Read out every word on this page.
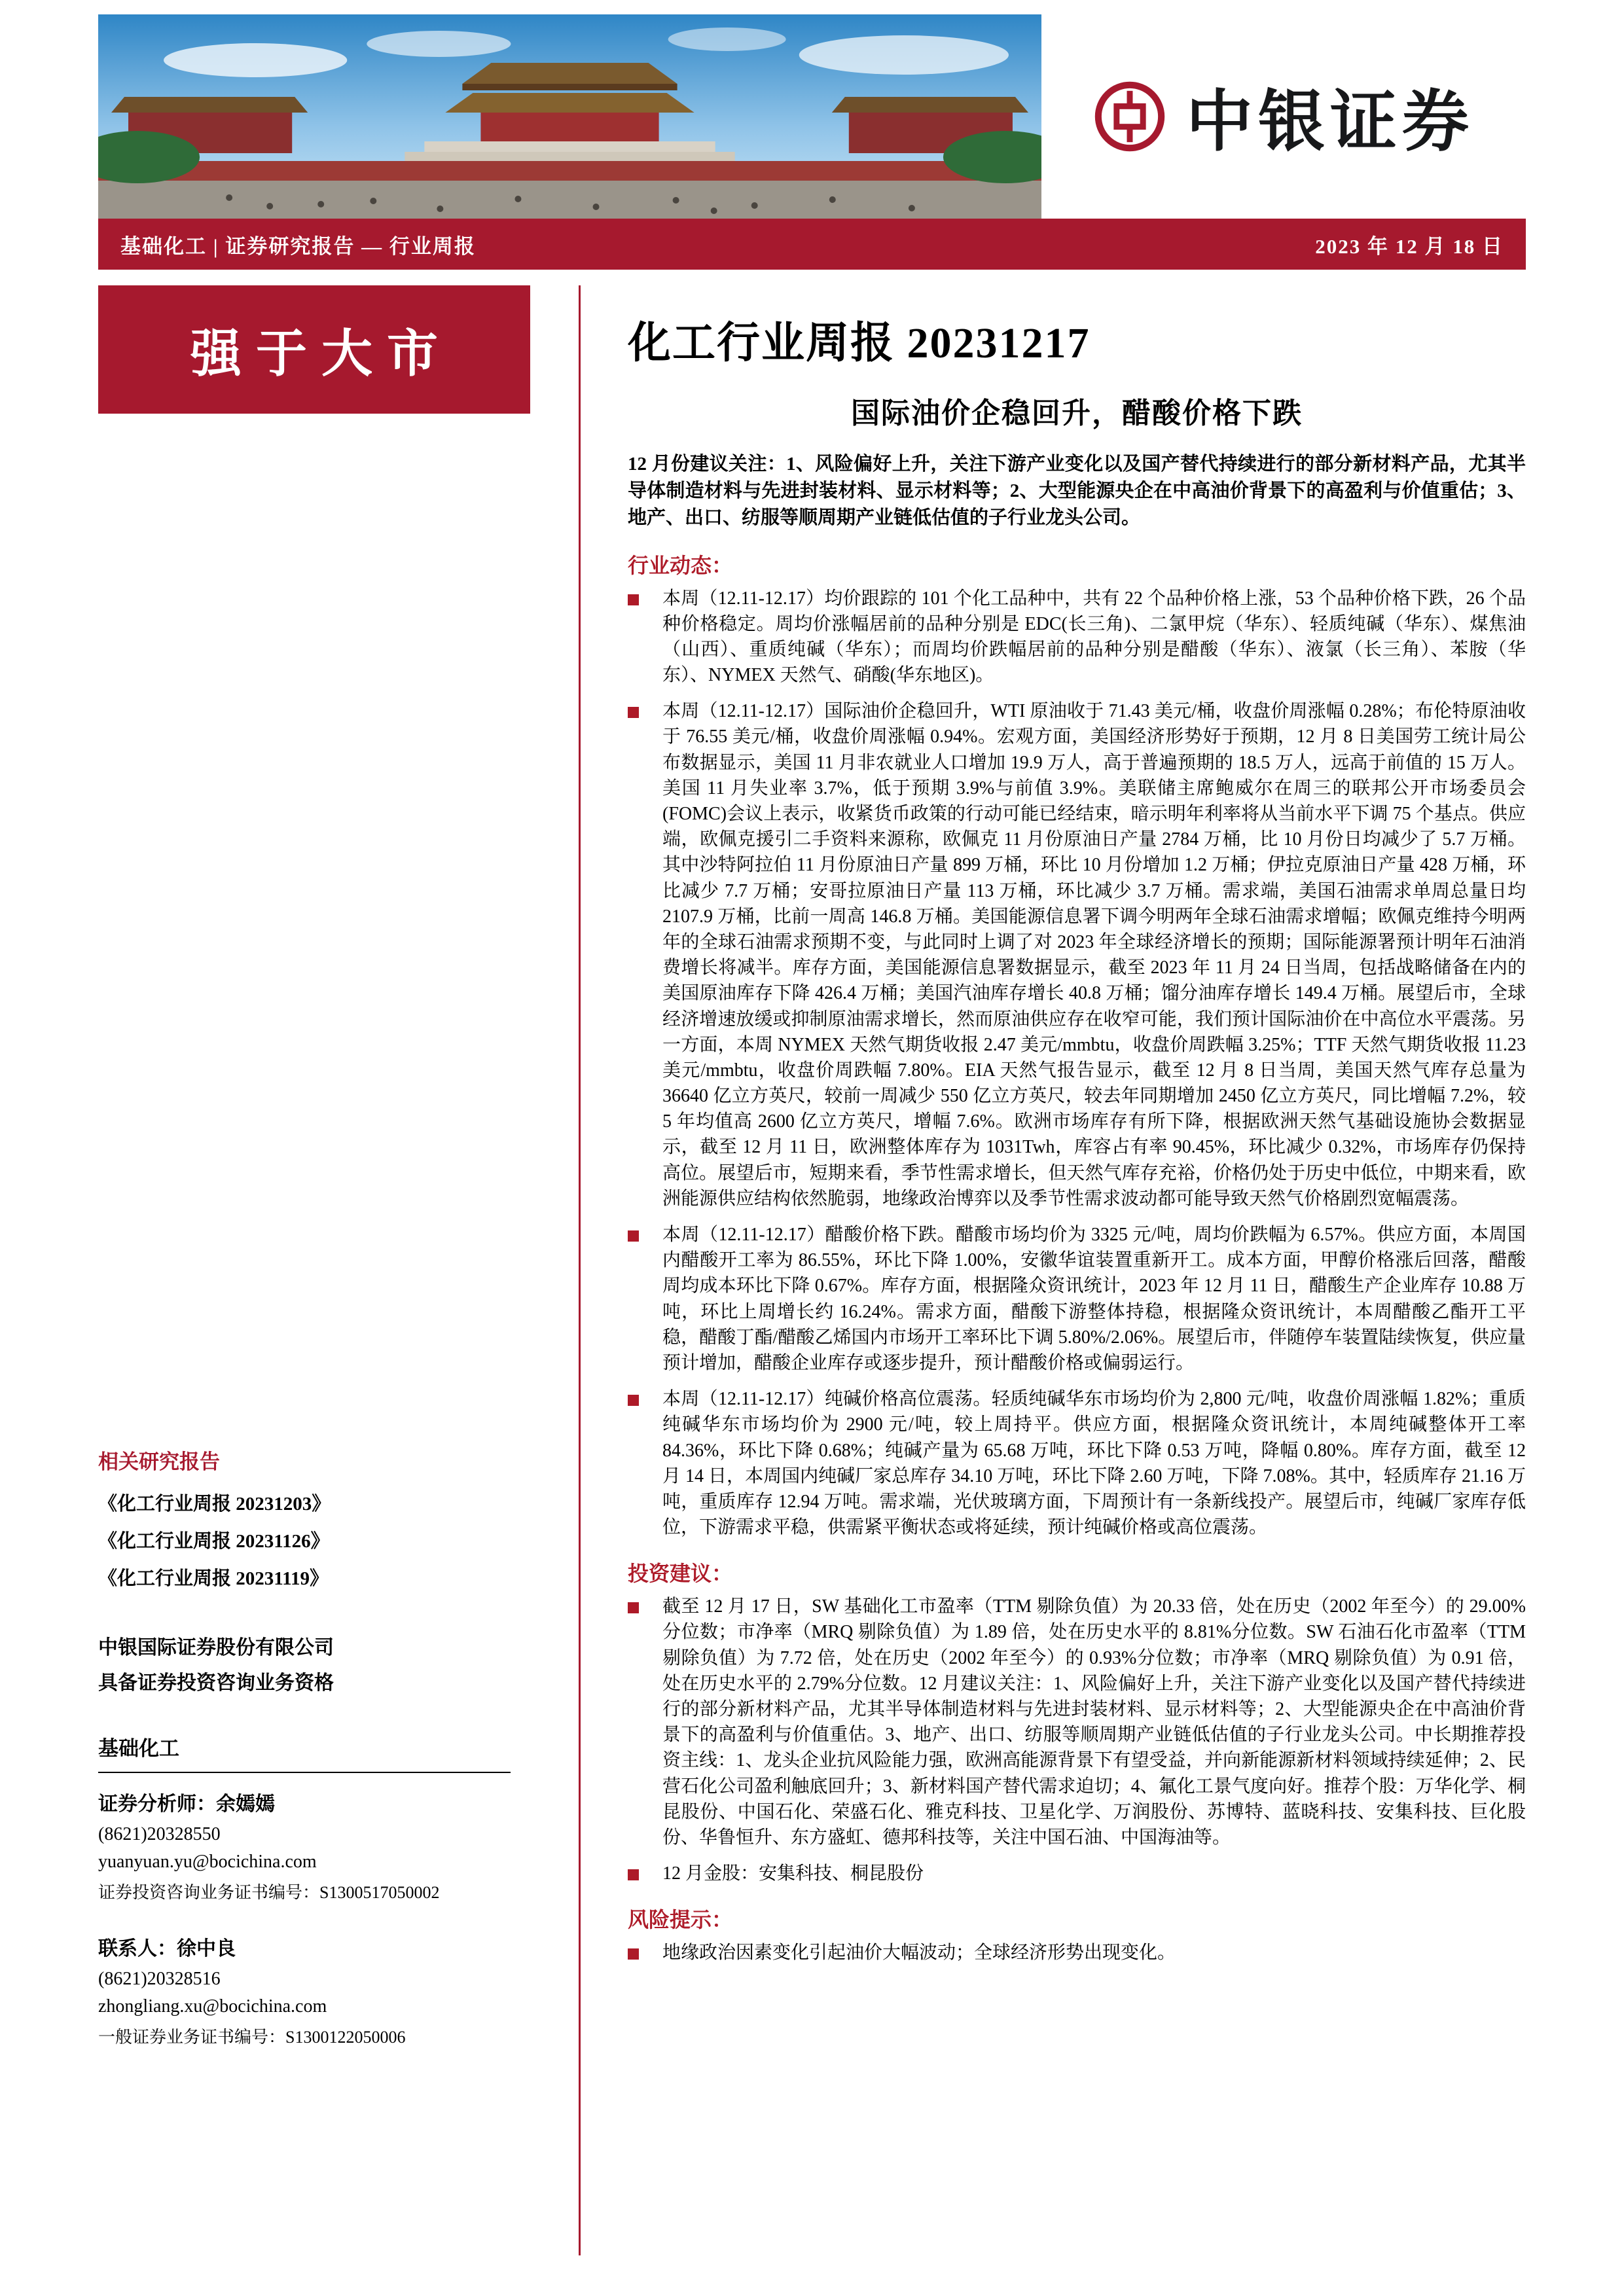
中银证券
基础化工 | 证券研究报告 — 行业周报	2023 年 12 月 18 日
强于大市
相关研究报告
《化工行业周报 20231203》
《化工行业周报 20231126》
《化工行业周报 20231119》
中银国际证券股份有限公司
具备证券投资咨询业务资格
基础化工
证券分析师：余嫣嫣
(8621)20328550
yuanyuan.yu@bocichina.com
证券投资咨询业务证书编号：S1300517050002
联系人：徐中良
(8621)20328516
zhongliang.xu@bocichina.com
一般证券业务证书编号：S1300122050006
化工行业周报 20231217
国际油价企稳回升，醋酸价格下跌
12 月份建议关注：1、风险偏好上升，关注下游产业变化以及国产替代持续进行的部分新材料产品，尤其半导体制造材料与先进封装材料、显示材料等；2、大型能源央企在中高油价背景下的高盈利与价值重估；3、地产、出口、纺服等顺周期产业链低估值的子行业龙头公司。
行业动态：
本周（12.11-12.17）均价跟踪的 101 个化工品种中，共有 22 个品种价格上涨，53 个品种价格下跌，26 个品种价格稳定。周均价涨幅居前的品种分别是 EDC(长三角)、二氯甲烷（华东）、轻质纯碱（华东）、煤焦油（山西）、重质纯碱（华东）；而周均价跌幅居前的品种分别是醋酸（华东）、液氯（长三角）、苯胺（华东）、NYMEX 天然气、硝酸(华东地区)。
本周（12.11-12.17）国际油价企稳回升，WTI 原油收于 71.43 美元/桶，收盘价周涨幅 0.28%；布伦特原油收于 76.55 美元/桶，收盘价周涨幅 0.94%。宏观方面，美国经济形势好于预期，12 月 8 日美国劳工统计局公布数据显示，美国 11 月非农就业人口增加 19.9 万人，高于普遍预期的 18.5 万人，远高于前值的 15 万人。美国 11 月失业率 3.7%，低于预期 3.9%与前值 3.9%。美联储主席鲍威尔在周三的联邦公开市场委员会(FOMC)会议上表示，收紧货币政策的行动可能已经结束，暗示明年利率将从当前水平下调 75 个基点。供应端，欧佩克援引二手资料来源称，欧佩克 11 月份原油日产量 2784 万桶，比 10 月份日均减少了 5.7 万桶。其中沙特阿拉伯 11 月份原油日产量 899 万桶，环比 10 月份增加 1.2 万桶；伊拉克原油日产量 428 万桶，环比减少 7.7 万桶；安哥拉原油日产量 113 万桶，环比减少 3.7 万桶。需求端，美国石油需求单周总量日均 2107.9 万桶，比前一周高 146.8 万桶。美国能源信息署下调今明两年全球石油需求增幅；欧佩克维持今明两年的全球石油需求预期不变，与此同时上调了对 2023 年全球经济增长的预期；国际能源署预计明年石油消费增长将减半。库存方面，美国能源信息署数据显示，截至 2023 年 11 月 24 日当周，包括战略储备在内的美国原油库存下降 426.4 万桶；美国汽油库存增长 40.8 万桶；馏分油库存增长 149.4 万桶。展望后市，全球经济增速放缓或抑制原油需求增长，然而原油供应存在收窄可能，我们预计国际油价在中高位水平震荡。另一方面，本周 NYMEX 天然气期货收报 2.47 美元/mmbtu，收盘价周跌幅 3.25%；TTF 天然气期货收报 11.23 美元/mmbtu，收盘价周跌幅 7.80%。EIA 天然气报告显示，截至 12 月 8 日当周，美国天然气库存总量为 36640 亿立方英尺，较前一周减少 550 亿立方英尺，较去年同期增加 2450 亿立方英尺，同比增幅 7.2%，较 5 年均值高 2600 亿立方英尺，增幅 7.6%。欧洲市场库存有所下降，根据欧洲天然气基础设施协会数据显示，截至 12 月 11 日，欧洲整体库存为 1031Twh，库容占有率 90.45%，环比减少 0.32%，市场库存仍保持高位。展望后市，短期来看，季节性需求增长，但天然气库存充裕，价格仍处于历史中低位，中期来看，欧洲能源供应结构依然脆弱，地缘政治博弈以及季节性需求波动都可能导致天然气价格剧烈宽幅震荡。
本周（12.11-12.17）醋酸价格下跌。醋酸市场均价为 3325 元/吨，周均价跌幅为 6.57%。供应方面，本周国内醋酸开工率为 86.55%，环比下降 1.00%，安徽华谊装置重新开工。成本方面，甲醇价格涨后回落，醋酸周均成本环比下降 0.67%。库存方面，根据隆众资讯统计，2023 年 12 月 11 日，醋酸生产企业库存 10.88 万吨，环比上周增长约 16.24%。需求方面，醋酸下游整体持稳，根据隆众资讯统计，本周醋酸乙酯开工平稳，醋酸丁酯/醋酸乙烯国内市场开工率环比下调 5.80%/2.06%。展望后市，伴随停车装置陆续恢复，供应量预计增加，醋酸企业库存或逐步提升，预计醋酸价格或偏弱运行。
本周（12.11-12.17）纯碱价格高位震荡。轻质纯碱华东市场均价为 2,800 元/吨，收盘价周涨幅 1.82%；重质纯碱华东市场均价为 2900 元/吨，较上周持平。供应方面，根据隆众资讯统计，本周纯碱整体开工率 84.36%，环比下降 0.68%；纯碱产量为 65.68 万吨，环比下降 0.53 万吨，降幅 0.80%。库存方面，截至 12 月 14 日，本周国内纯碱厂家总库存 34.10 万吨，环比下降 2.60 万吨，下降 7.08%。其中，轻质库存 21.16 万吨，重质库存 12.94 万吨。需求端，光伏玻璃方面，下周预计有一条新线投产。展望后市，纯碱厂家库存低位，下游需求平稳，供需紧平衡状态或将延续，预计纯碱价格或高位震荡。
投资建议：
截至 12 月 17 日，SW 基础化工市盈率（TTM 剔除负值）为 20.33 倍，处在历史（2002 年至今）的 29.00%分位数；市净率（MRQ 剔除负值）为 1.89 倍，处在历史水平的 8.81%分位数。SW 石油石化市盈率（TTM 剔除负值）为 7.72 倍，处在历史（2002 年至今）的 0.93%分位数；市净率（MRQ 剔除负值）为 0.91 倍，处在历史水平的 2.79%分位数。12 月建议关注：1、风险偏好上升，关注下游产业变化以及国产替代持续进行的部分新材料产品，尤其半导体制造材料与先进封装材料、显示材料等；2、大型能源央企在中高油价背景下的高盈利与价值重估。3、地产、出口、纺服等顺周期产业链低估值的子行业龙头公司。中长期推荐投资主线：1、龙头企业抗风险能力强，欧洲高能源背景下有望受益，并向新能源新材料领域持续延伸；2、民营石化公司盈利触底回升；3、新材料国产替代需求迫切；4、氟化工景气度向好。推荐个股：万华化学、桐昆股份、中国石化、荣盛石化、雅克科技、卫星化学、万润股份、苏博特、蓝晓科技、安集科技、巨化股份、华鲁恒升、东方盛虹、德邦科技等，关注中国石油、中国海油等。
12 月金股：安集科技、桐昆股份
风险提示：
地缘政治因素变化引起油价大幅波动；全球经济形势出现变化。
